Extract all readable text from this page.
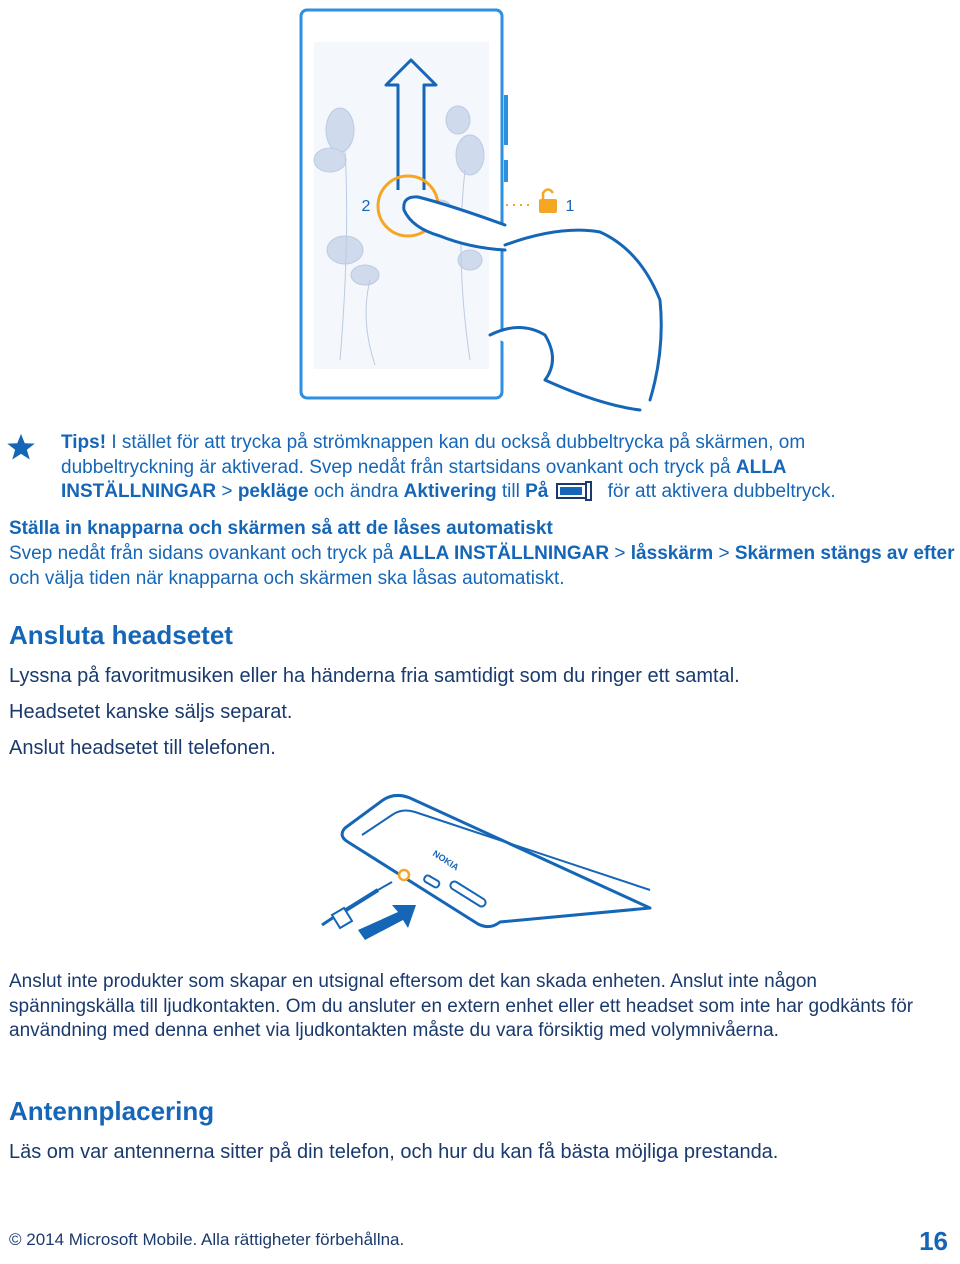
2	1

Tips! I stället för att trycka på strömknappen kan du också dubbeltrycka på skärmen, om dubbeltryckning är aktiverad. Svep nedåt från startsidans ovankant och tryck på ALLA INSTÄLLNINGAR > pekläge och ändra Aktivering till På	för att aktivera dubbeltryck.

Ställa in knapparna och skärmen så att de låses automatiskt

Svep nedåt från sidans ovankant och tryck på ALLA INSTÄLLNINGAR > låsskärm > Skärmen stängs av efter och välja tiden när knapparna och skärmen ska låsas automatiskt.

Ansluta headsetet

Lyssna på favoritmusiken eller ha händerna fria samtidigt som du ringer ett samtal.

Headsetet kanske säljs separat.

Anslut headsetet till telefonen.

NOKIA

Anslut inte produkter som skapar en utsignal eftersom det kan skada enheten. Anslut inte någon spänningskälla till ljudkontakten. Om du ansluter en extern enhet eller ett headset som inte har godkänts för användning med denna enhet via ljudkontakten måste du vara försiktig med volymnivåerna.

Antennplacering

Läs om var antennerna sitter på din telefon, och hur du kan få bästa möjliga prestanda.

© 2014 Microsoft Mobile. Alla rättigheter förbehållna.	16
